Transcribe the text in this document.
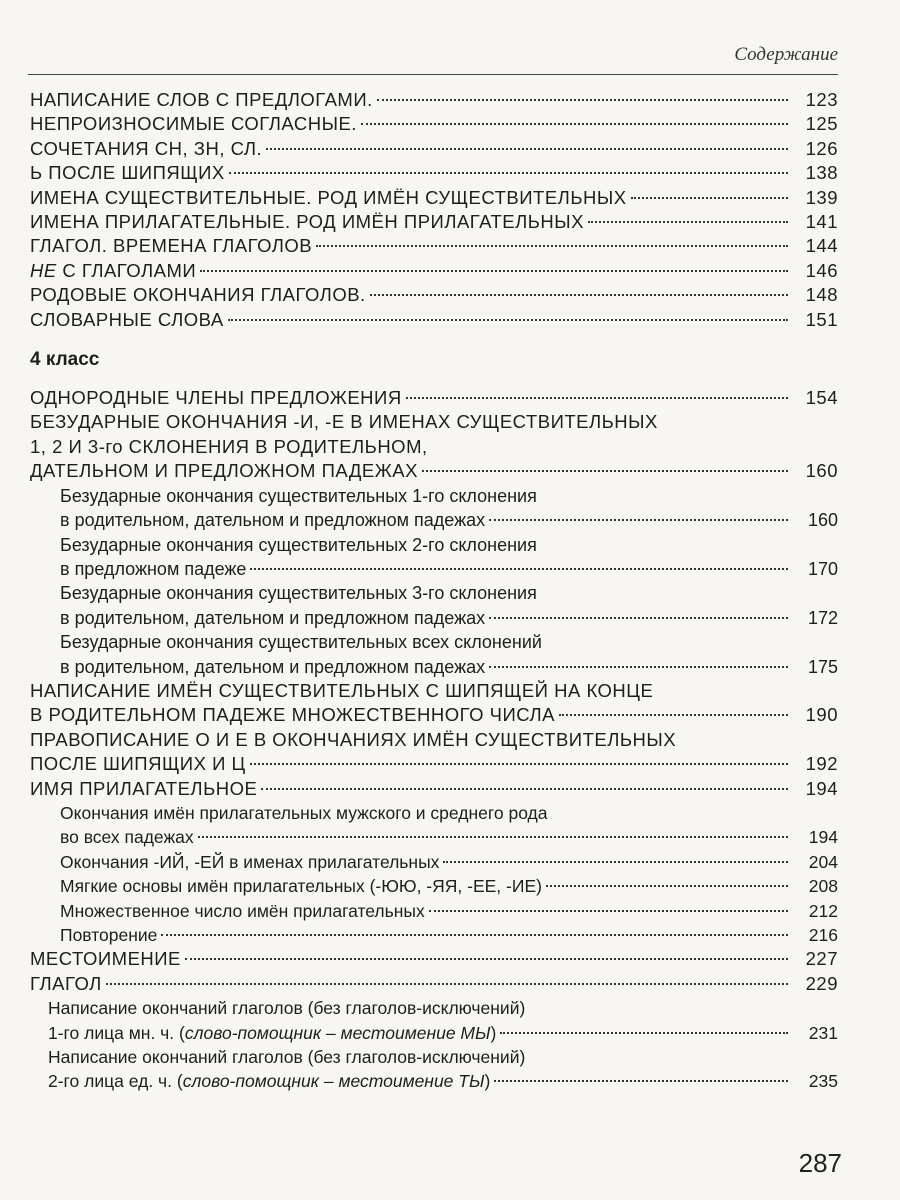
Содержание
НАПИСАНИЕ СЛОВ С ПРЕДЛОГАМИ.	123
НЕПРОИЗНОСИМЫЕ СОГЛАСНЫЕ.	125
СОЧЕТАНИЯ СН, ЗН, СЛ.	126
Ь ПОСЛЕ ШИПЯЩИХ	138
ИМЕНА СУЩЕСТВИТЕЛЬНЫЕ. РОД ИМЁН СУЩЕСТВИТЕЛЬНЫХ	139
ИМЕНА ПРИЛАГАТЕЛЬНЫЕ. РОД ИМЁН ПРИЛАГАТЕЛЬНЫХ	141
ГЛАГОЛ. ВРЕМЕНА ГЛАГОЛОВ	144
НЕ С ГЛАГОЛАМИ	146
РОДОВЫЕ ОКОНЧАНИЯ ГЛАГОЛОВ.	148
СЛОВАРНЫЕ СЛОВА	151
4 класс
ОДНОРОДНЫЕ ЧЛЕНЫ ПРЕДЛОЖЕНИЯ	154
БЕЗУДАРНЫЕ ОКОНЧАНИЯ -И, -Е В ИМЕНАХ СУЩЕСТВИТЕЛЬНЫХ
1, 2 И 3-го СКЛОНЕНИЯ В РОДИТЕЛЬНОМ,
ДАТЕЛЬНОМ И ПРЕДЛОЖНОМ ПАДЕЖАХ	160
Безударные окончания существительных 1-го склонения
в родительном, дательном и предложном падежах	160
Безударные окончания существительных 2-го склонения
в предложном падеже	170
Безударные окончания существительных 3-го склонения
в родительном, дательном и предложном падежах	172
Безударные окончания существительных всех склонений
в родительном, дательном и предложном падежах	175
НАПИСАНИЕ ИМЁН СУЩЕСТВИТЕЛЬНЫХ С ШИПЯЩЕЙ НА КОНЦЕ
В РОДИТЕЛЬНОМ ПАДЕЖЕ МНОЖЕСТВЕННОГО ЧИСЛА	190
ПРАВОПИСАНИЕ О И Е В ОКОНЧАНИЯХ ИМЁН СУЩЕСТВИТЕЛЬНЫХ
ПОСЛЕ ШИПЯЩИХ И Ц	192
ИМЯ ПРИЛАГАТЕЛЬНОЕ	194
Окончания имён прилагательных мужского и среднего рода
во всех падежах	194
Окончания -ИЙ, -ЕЙ в именах прилагательных	204
Мягкие основы имён прилагательных (-ЮЮ, -ЯЯ, -ЕЕ, -ИЕ)	208
Множественное число имён прилагательных	212
Повторение	216
МЕСТОИМЕНИЕ	227
ГЛАГОЛ	229
Написание окончаний глаголов (без глаголов-исключений)
1-го лица мн. ч. (слово-помощник – местоимение МЫ)	231
Написание окончаний глаголов (без глаголов-исключений)
2-го лица ед. ч. (слово-помощник – местоимение ТЫ)	235
287
